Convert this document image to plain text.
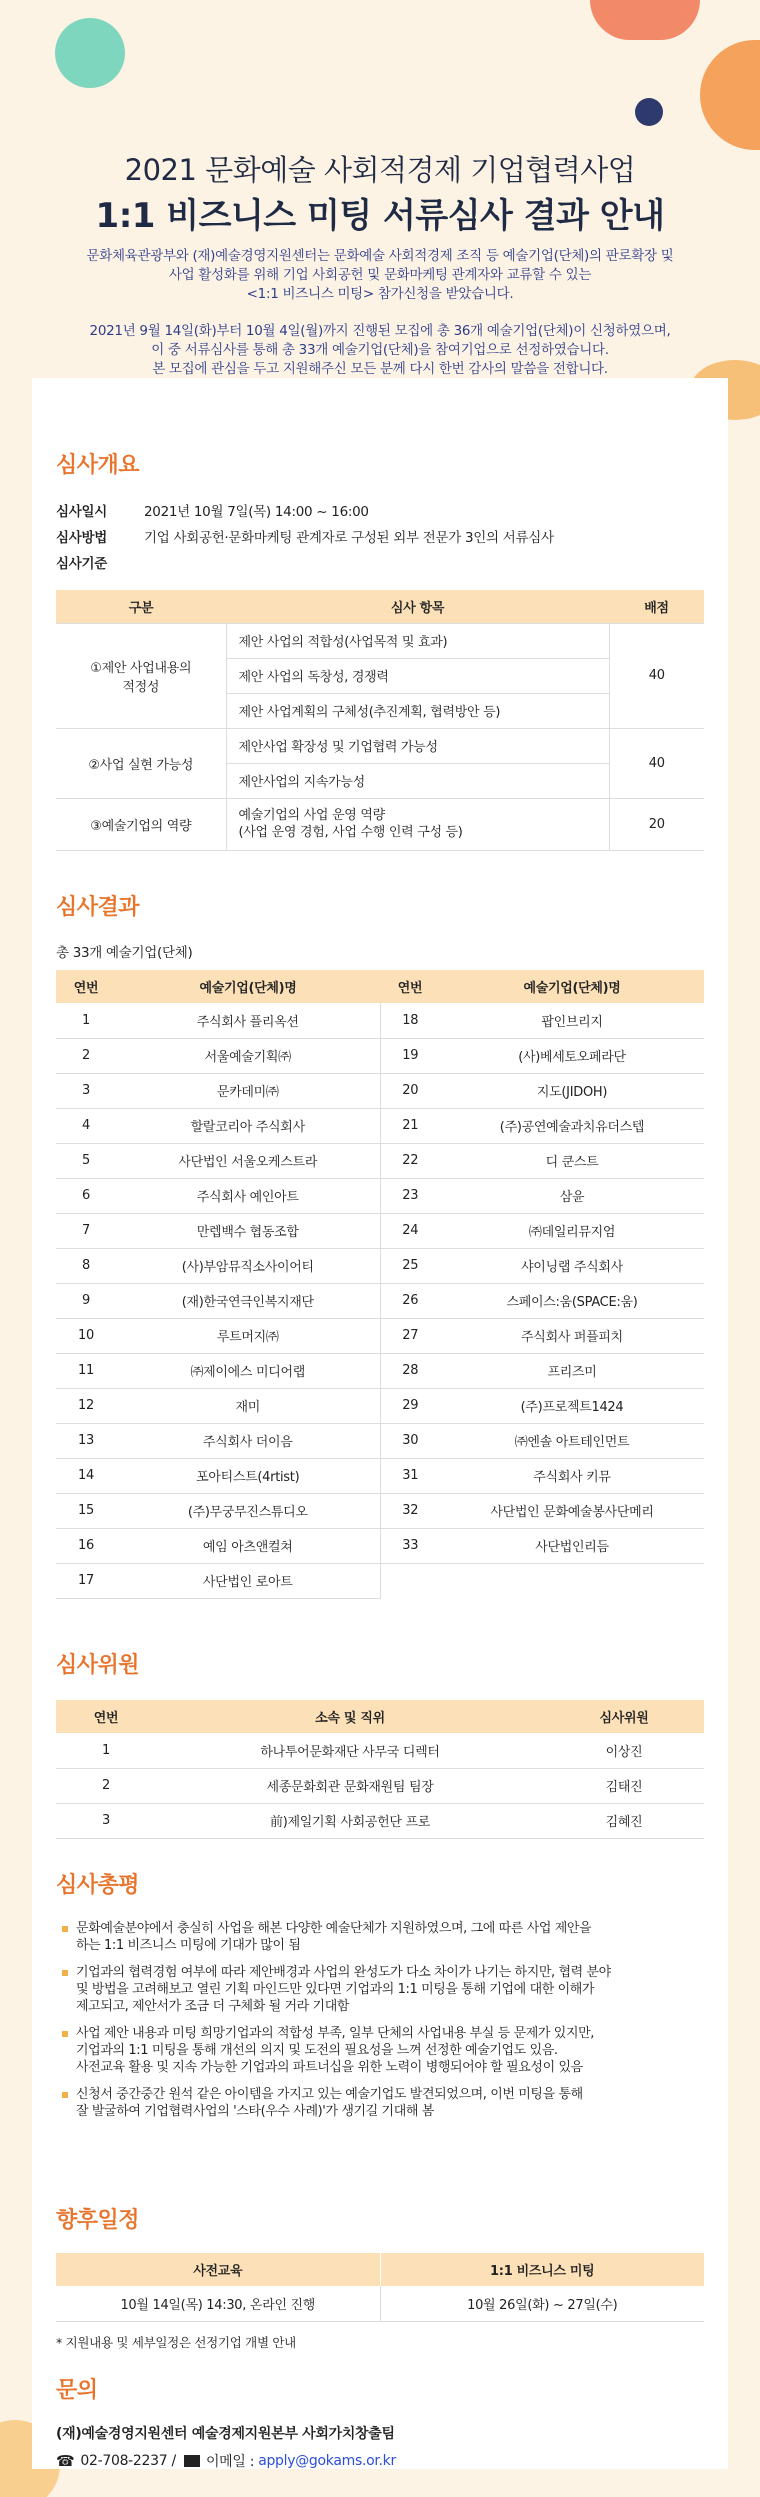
2021 문화예술 사회적경제 기업협력사업
1:1 비즈니스 미팅 서류심사 결과 안내

문화체육관광부와 (재)예술경영지원센터는 문화예술 사회적경제 조직 등 예술기업(단체)의 판로확장 및

사업 활성화를 위해 기업 사회공헌 및 문화마케팅 관계자와 교류할 수 있는

<1:1 비즈니스 미팅> 참가신청을 받았습니다.

2021년 9월 14일(화)부터 10월 4일(월)까지 진행된 모집에 총 36개 예술기업(단체)이 신청하였으며,

이 중 서류심사를 통해 총 33개 예술기업(단체)을 참여기업으로 선정하였습니다.

본 모집에 관심을 두고 지원해주신 모든 분께 다시 한번 감사의 말씀을 전합니다.

심사개요
심사일시	2021년 10월 7일(목) 14:00 ~ 16:00
심사방법	기업 사회공헌·문화마케팅 관계자로 구성된 외부 전문가 3인의 서류심사
심사기준
구분	심사 항목	배점
①제안 사업내용의
적정성	제안 사업의 적합성(사업목적 및 효과)	40
	제안 사업의 독창성, 경쟁력	
	제안 사업계획의 구체성(추진계획, 협력방안 등)	
②사업 실현 가능성	제안사업 확장성 및 기업협력 가능성	40
	제안사업의 지속가능성	
③예술기업의 역량	예술기업의 사업 운영 역량
(사업 운영 경험, 사업 수행 인력 구성 등)	20
심사결과
총 33개 예술기업(단체)
연번	예술기업(단체)명	연번	예술기업(단체)명
1	주식회사 플리옥션	18	팝인브리지
2	서울예술기획㈜	19	(사)베세토오페라단
3	문카데미㈜	20	지도(JIDOH)
4	할랄코리아 주식회사	21	(주)공연예술과치유더스텝
5	사단법인 서울오케스트라	22	디 쿤스트
6	주식회사 예인아트	23	삼윤
7	만렙백수 협동조합	24	㈜데일리뮤지엄
8	(사)부암뮤직소사이어티	25	샤이닝랩 주식회사
9	(재)한국연극인복지재단	26	스페이스:움(SPACE:움)
10	루트머지㈜	27	주식회사 퍼플피치
11	㈜제이에스 미디어랩	28	프리즈미
12	재미	29	(주)프로젝트1424
13	주식회사 더이음	30	㈜엔솔 아트테인먼트
14	포아티스트(4rtist)	31	주식회사 키뮤
15	(주)무궁무진스튜디오	32	사단법인 문화예술봉사단메리
16	예임 아츠앤컬쳐	33	사단법인리듬
17	사단법인 로아트		
심사위원
연번	소속 및 직위	심사위원
1	하나투어문화재단 사무국 디렉터	이상진
2	세종문화회관 문화재원팀 팀장	김태진
3	前)제일기획 사회공헌단 프로	김혜진
심사총평
문화예술분야에서 충실히 사업을 해본 다양한 예술단체가 지원하였으며, 그에 따른 사업 제안을
하는 1:1 비즈니스 미팅에 기대가 많이 됨
기업과의 협력경험 여부에 따라 제안배경과 사업의 완성도가 다소 차이가 나기는 하지만, 협력 분야
및 방법을 고려해보고 열린 기획 마인드만 있다면 기업과의 1:1 미팅을 통해 기업에 대한 이해가
제고되고, 제안서가 조금 더 구체화 될 거라 기대함
사업 제안 내용과 미팅 희망기업과의 적합성 부족, 일부 단체의 사업내용 부실 등 문제가 있지만,
기업과의 1:1 미팅을 통해 개선의 의지 및 도전의 필요성을 느껴 선정한 예술기업도 있음.
사전교육 활용 및 지속 가능한 기업과의 파트너십을 위한 노력이 병행되어야 할 필요성이 있음
신청서 중간중간 원석 같은 아이템을 가지고 있는 예술기업도 발견되었으며, 이번 미팅을 통해
잘 발굴하여 기업협력사업의 '스타(우수 사례)'가 생기길 기대해 봄
향후일정
사전교육	1:1 비즈니스 미팅
10월 14일(목) 14:30, 온라인 진행	10월 26일(화) ~ 27일(수)
* 지원내용 및 세부일정은 선정기업 개별 안내
문의
(재)예술경영지원센터 예술경제지원본부 사회가치창출팀
☎ 02-708-2237 / 이메일 : apply@gokams.or.kr
